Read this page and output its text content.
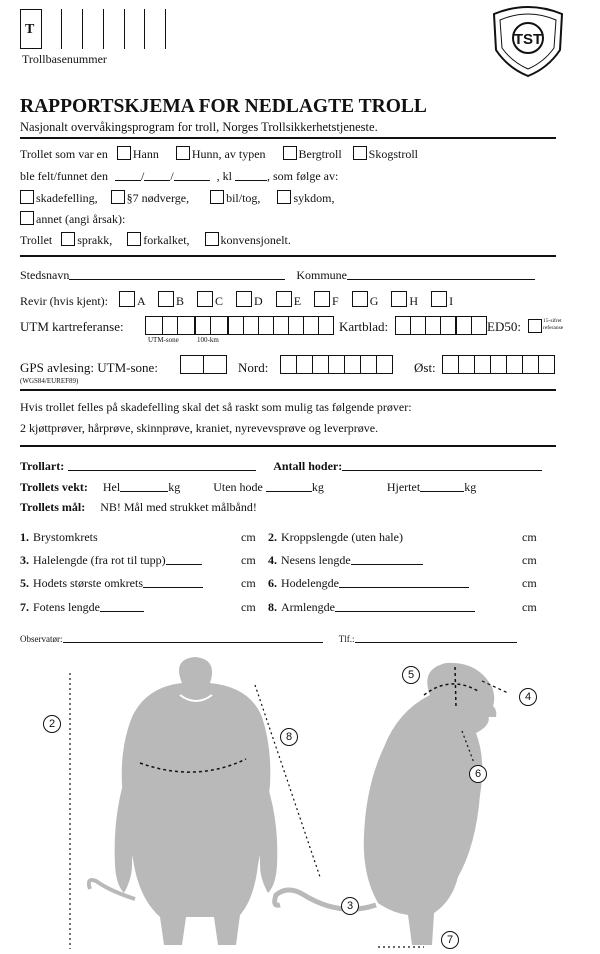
T
Trollbasenummer
TST
RAPPORTSKJEMA FOR NEDLAGTE TROLL
Nasjonalt overvåkingsprogram for troll, Norges Trollsikkerhetstjeneste.
Trollet som var en Hann	Hunn, av typen	Bergtroll Skogstroll
ble felt/funnet den	/ /	, kl	, som følge av:
skadefelling, §7 nødverge,	bil/tog,	sykdom,
annet (angi årsak):
Trollet sprakk,	forkalket,	konvensjonelt.
Stedsnavn	Kommune
Revir (hvis kjent): A	B	C	D	E	F	G	H	I
UTM kartreferanse:
UTM-sone	100-km
Kartblad:	ED50:	15-sifret referanse
GPS avlesing: UTM-sone:
(WGS84/EUREF89)
Nord:	Øst:
Hvis trollet felles på skadefelling skal det så raskt som mulig tas følgende prøver:
2 kjøttprøver, hårprøve, skinnprøve, kraniet, nyrevevsprøve og leverprøve.
Trollart:	Antall hoder:
Trollets vekt: Hel	kg	Uten hode	kg	Hjertet	kg
Trollets mål: NB! Mål med strukket målbånd!
1. Brystomkrets	cm 2. Kroppslengde (uten hale)	cm
3. Halelengde (fra rot til tupp)	cm 4. Nesens lengde	cm
5. Hodets største omkrets	cm 6. Hodelengde	cm
7. Fotens lengde	cm 8. Armlengde	cm
Observatør:	Tlf.:
2
8
5
4
6
3
7
